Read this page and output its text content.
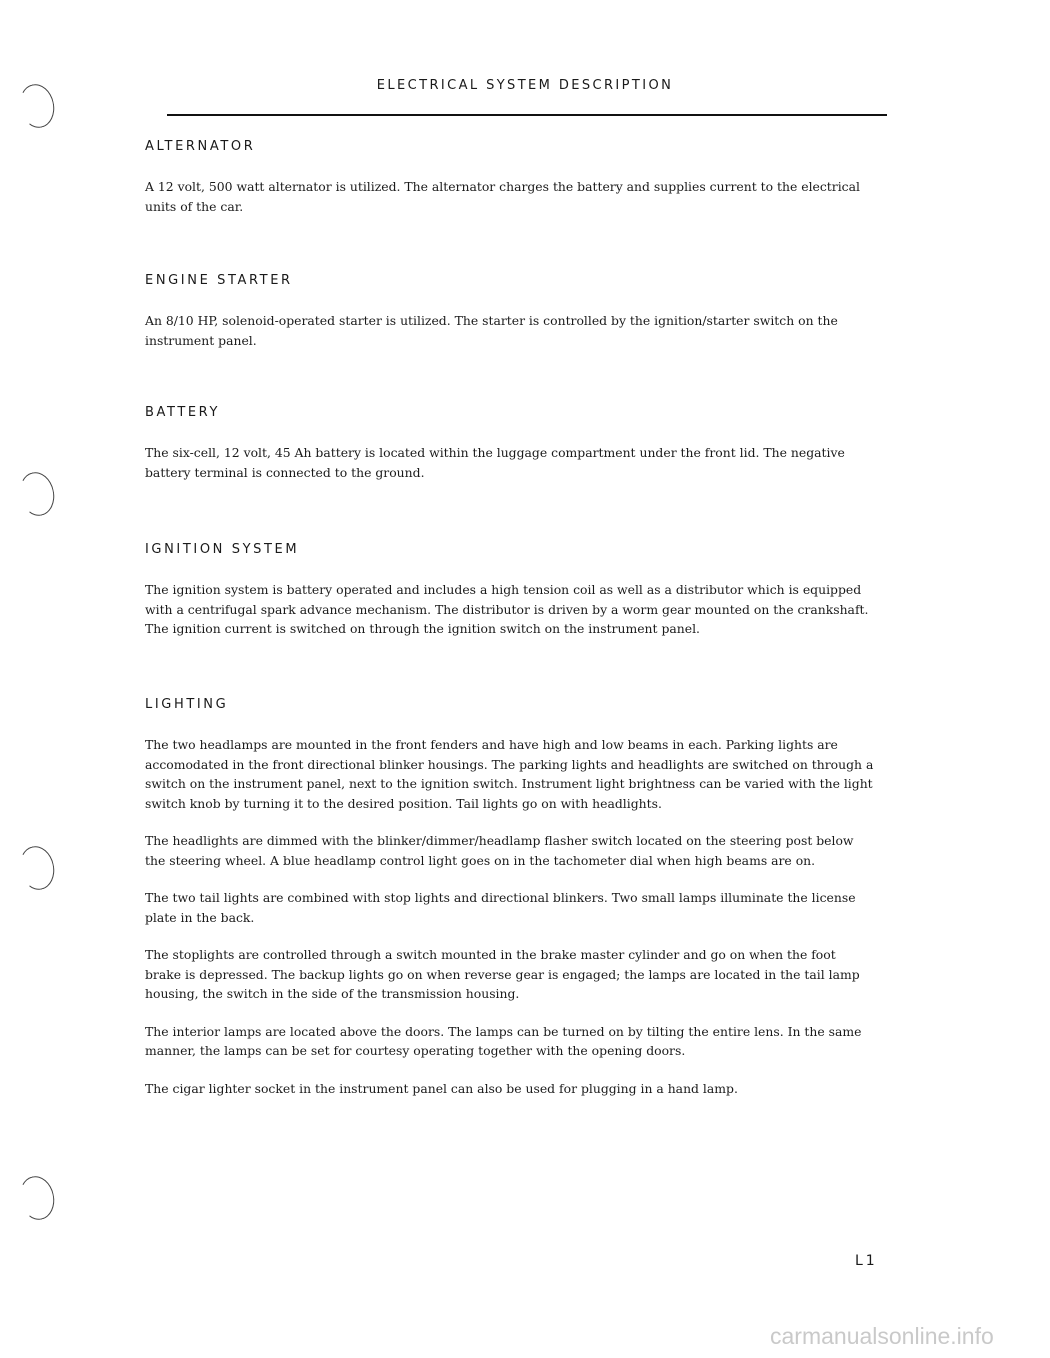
ELECTRICAL SYSTEM DESCRIPTION
ALTERNATOR

A 12 volt, 500 watt alternator is utilized. The alternator charges the battery and supplies current to the electrical units of the car.

ENGINE STARTER

An 8/10 HP, solenoid-operated starter is utilized. The starter is controlled by the ignition/starter switch on the instrument panel.

BATTERY

The six-cell, 12 volt, 45 Ah battery is located within the luggage compartment under the front lid. The negative battery terminal is connected to the ground.

IGNITION SYSTEM

The ignition system is battery operated and includes a high tension coil as well as a distributor which is equipped with a centrifugal spark advance mechanism. The distributor is driven by a worm gear mounted on the crankshaft. The ignition current is switched on through the ignition switch on the instrument panel.

LIGHTING

The two headlamps are mounted in the front fenders and have high and low beams in each. Parking lights are accomodated in the front directional blinker housings. The parking lights and headlights are switched on through a switch on the instrument panel, next to the ignition switch. Instrument light brightness can be varied with the light switch knob by turning it to the desired position. Tail lights go on with headlights.

The headlights are dimmed with the blinker/dimmer/headlamp flasher switch located on the steering post below the steering wheel. A blue headlamp control light goes on in the tachometer dial when high beams are on.

The two tail lights are combined with stop lights and directional blinkers. Two small lamps illuminate the license plate in the back.

The stoplights are controlled through a switch mounted in the brake master cylinder and go on when the foot brake is depressed. The backup lights go on when reverse gear is engaged; the lamps are located in the tail lamp housing, the switch in the side of the transmission housing.

The interior lamps are located above the doors. The lamps can be turned on by tilting the entire lens. In the same manner, the lamps can be set for courtesy operating together with the opening doors.

The cigar lighter socket in the instrument panel can also be used for plugging in a hand lamp.

L1
carmanualsonline.info
